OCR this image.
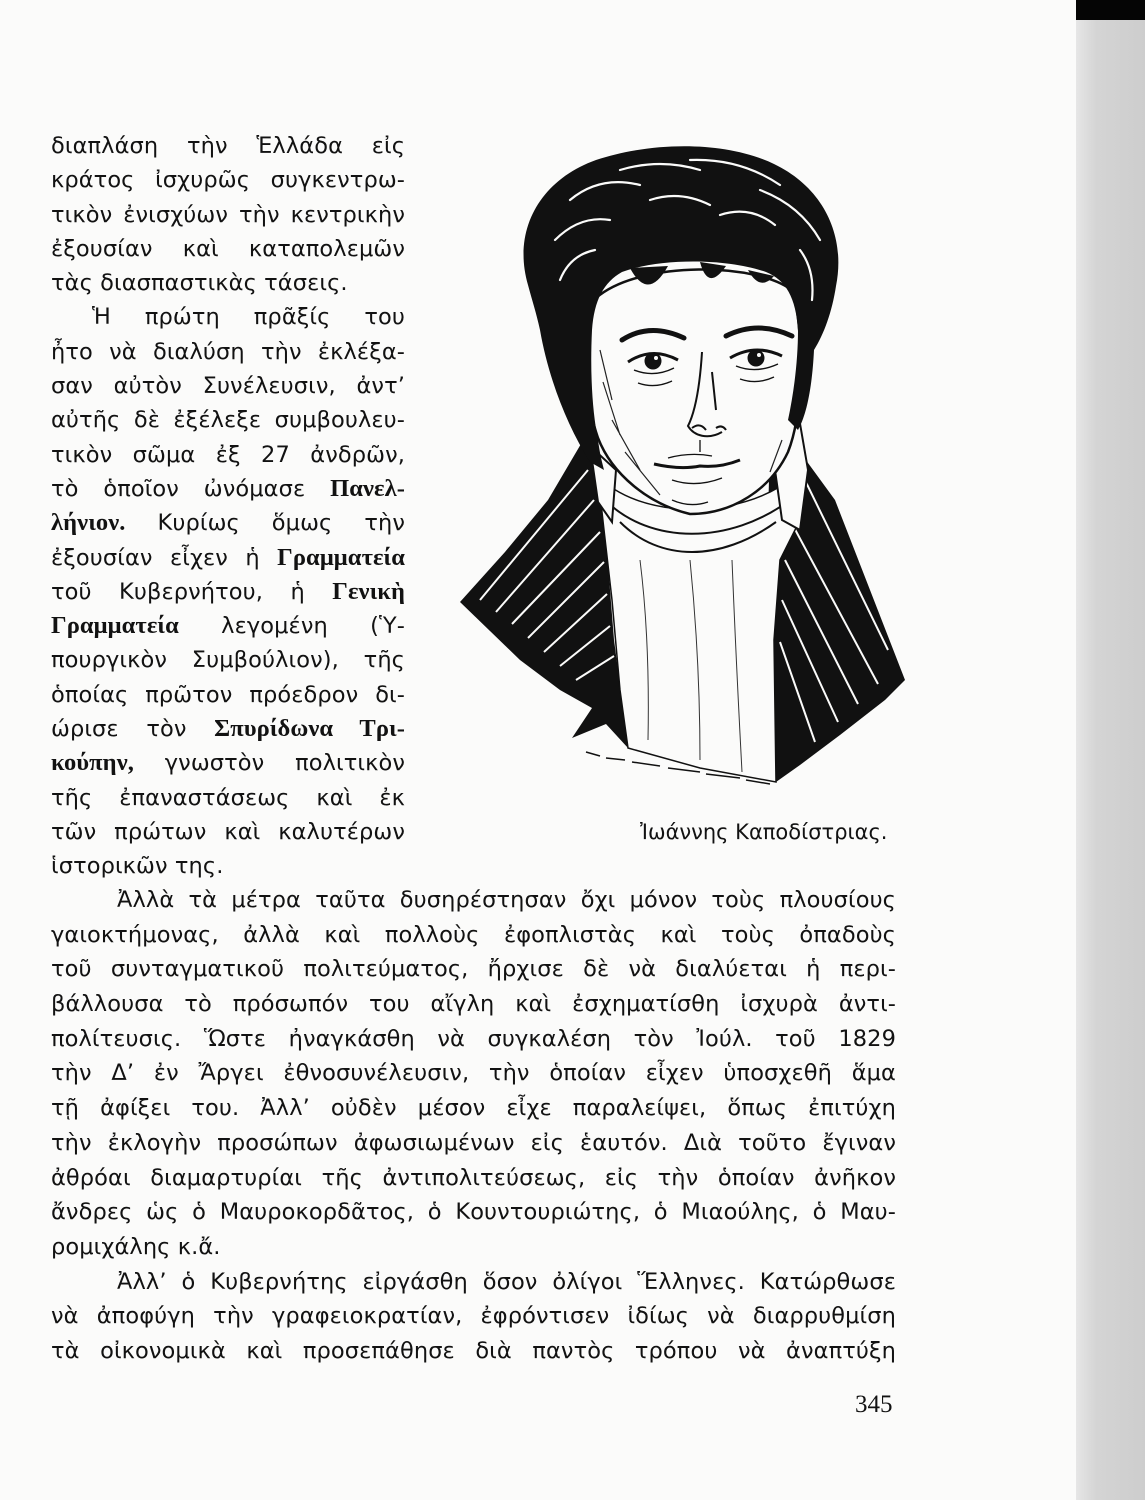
διαπλάση τὴν Ἑλλάδα εἰς
κράτος ἰσχυρῶς συγκεντρω-
τικὸν ἐνισχύων τὴν κεντρικὴν
ἐξουσίαν καὶ καταπολεμῶν
τὰς διασπαστικὰς τάσεις.
Ἡ πρώτη πρᾶξίς του
ἦτο νὰ διαλύση τὴν ἐκλέξα-
σαν αὐτὸν Συνέλευσιν, ἀντ’
αὐτῆς δὲ ἐξέλεξε συμβουλευ-
τικὸν σῶμα ἐξ 27 ἀνδρῶν,
τὸ ὁποῖον ὠνόμασε Πανελ-
λήνιον. Κυρίως ὅμως τὴν
ἐξουσίαν εἶχεν ἡ Γραμματεία
τοῦ Κυβερνήτου, ἡ Γενικὴ
Γραμματεία λεγομένη (Ὑ-
πουργικὸν Συμβούλιον), τῆς
ὁποίας πρῶτον πρόεδρον δι-
ώρισε τὸν Σπυρίδωνα Τρι-
κούπην, γνωστὸν πολιτικὸν
τῆς ἐπαναστάσεως καὶ ἐκ
τῶν πρώτων καὶ καλυτέρων
ἱστορικῶν της.
Ἰωάννης Καποδίστριας.
Ἀλλὰ τὰ μέτρα ταῦτα δυσηρέστησαν ὄχι μόνον τοὺς πλουσίους
γαιοκτήμονας, ἀλλὰ καὶ πολλοὺς ἐφοπλιστὰς καὶ τοὺς ὀπαδοὺς
τοῦ συνταγματικοῦ πολιτεύματος, ἤρχισε δὲ νὰ διαλύεται ἡ περι-
βάλλουσα τὸ πρόσωπόν του αἴγλη καὶ ἐσχηματίσθη ἰσχυρὰ ἀντι-
πολίτευσις. Ὥστε ἠναγκάσθη νὰ συγκαλέση τὸν Ἰούλ. τοῦ 1829
τὴν Δ’ ἐν Ἄργει ἐθνοσυνέλευσιν, τὴν ὁποίαν εἶχεν ὑποσχεθῆ ἅμα
τῇ ἀφίξει του. Ἀλλ’ οὐδὲν μέσον εἶχε παραλείψει, ὅπως ἐπιτύχη
τὴν ἐκλογὴν προσώπων ἀφωσιωμένων εἰς ἑαυτόν. Διὰ τοῦτο ἔγιναν
ἀθρόαι διαμαρτυρίαι τῆς ἀντιπολιτεύσεως, εἰς τὴν ὁποίαν ἀνῆκον
ἄνδρες ὡς ὁ Μαυροκορδᾶτος, ὁ Κουντουριώτης, ὁ Μιαούλης, ὁ Μαυ-
ρομιχάλης κ.ἄ.
Ἀλλ’ ὁ Κυβερνήτης εἰργάσθη ὅσον ὀλίγοι Ἕλληνες. Κατώρθωσε
νὰ ἀποφύγη τὴν γραφειοκρατίαν, ἐφρόντισεν ἰδίως νὰ διαρρυθμίση
τὰ οἰκονομικὰ καὶ προσεπάθησε διὰ παντὸς τρόπου νὰ ἀναπτύξη
345
